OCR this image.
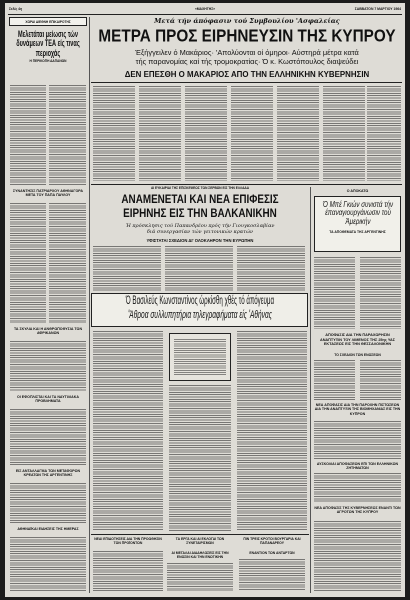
Σελίς 4η	«ΜΑΧΗΤΗΣ»	ΣΑΒΒΑΤΟΝ 7 ΜΑΡΤΙΟΥ 1964
ΧΩΡΑΙ ΔΙΕΘΝΗ ΕΠΙΚΑΙΡΟΤΗΣ
Μελετάται μείωσις τών δυνάμεων ΤΕΑ είς τινας περιοχάς
Η ΠΕΡΙΚΟΠΗ ΔΑΠΑΝΩΝ
ΣΥΝΑΝΤΗΣΙΣ ΠΑΤΡΙΑΡΧΟΥ ΑΘΗΝΑΓΟΡΑ ΜΕΤΑ ΤΟΥ ΠΑΠΑ ΠΑΥΛΟΥ
ΤΑ ΣΚΥΛΙΑ ΚΑΙ Η ΑΝΘΡΩΠΟΘΥΣΙΑ ΤΩΝ ΑΦΡΙΚΑΝΩΝ
ΟΙ ΕΦΟΠΛΙΣΤΑΙ ΚΑΙ ΤΑ ΝΑΥΤΙΛΙΑΚΑ ΠΡΟΒΛΗΜΑΤΑ
ΕΙΣ ΑΝΤΑΛΛΑΓΜΑ ΤΩΝ ΜΕΤΑΦΟΡΩΝ ΚΡΕΑΤΩΝ ΤΗΣ ΑΡΓΕΝΤΙΝΗΣ
ΑΘΗΝΑΪΚΑΙ ΕΙΔΗΣΕΙΣ ΤΗΣ ΗΜΕΡΑΣ
Μετά τήν άπόφασιν τού Συμβουλίου 'Ασφαλείας
ΜΕΤΡΑ ΠΡΟΣ ΕΙΡΗΝΕΥΣΙΝ ΤΗΣ ΚΥΠΡΟΥ
Έξήγγειλεν ό Μακάριος· 'Απολύονται οί όμηροι· Αύστηρά μέτρα κατά
τής παρανομίας καί τής τρομοκρατίας· Ό κ. Κωστόπουλος διαψεύδει
ΔΕΝ ΕΠΕΣΘΗ Ο ΜΑΚΑΡΙΟΣ ΑΠΟ ΤΗΝ ΕΛΛΗΝΙΚΗΝ ΚΥΒΕΡΝΗΣΙΝ
ΑΙ ΕΥΚΑΙΡΙΑΙ ΤΗΣ ΕΠΙΣΚΕΨΕΩΣ ΤΩΝ ΣΕΡΒΩΝ ΕΙΣ ΤΗΝ ΕΛΛΑΔΑ
ΑΝΑΜΕΝΕΤΑΙ ΚΑΙ ΝΕΑ ΕΠΙΦΕΣΙΣ
ΕΙΡΗΝΗΣ ΕΙΣ ΤΗΝ ΒΑΛΚΑΝΙΚΗΝ
Ή πρόσκλησις τού Παπανδρέου πρός τήν Γιουγκοσλαβίαν
διά συνεργασίαν τών γειτονικών κρατών
ΥΦΙΣΤΑΤΑΙ ΣΧΕΔΙΟΝ ΔΙ' ΟΛΟΚΛΗΡΟΝ ΤΗΝ ΕΥΡΩΠΗΝ
Ο ΑΠΟΚΑΤΩ
Ό Μπέ Γκιών συνιστά τήν έπαναγιουργάνωσιν τού Άμερικήν
ΤΑ ΑΠΟΘΕΜΑΤΑ ΤΗΣ ΑΡΓΕΝΤΙΝΗΣ
ΑΠΟΦΑΣΙΣ ΔΙΑ ΤΗΝ ΠΑΡΑΧΩΡΗΣΙΝ ΑΝΑΠΤΥΞΙΝ ΤΟΥ ΛΙΜΕΝΟΣ ΤΗΣ 25ης ΥΑΣ ΕΚΤΑΣΕΩΣ ΕΙΣ ΤΗΝ ΘΕΣΣΑΛΟΝΙΚΗΝ
ΤΟ ΣΧΕΔΙΟΝ ΤΩΝ ΕΝΩΣΕΩΝ
ΝΕΑ ΑΠΟΦΑΣΙΣ ΔΙΑ ΤΗΝ ΠΑΡΟΧΗΝ ΠΙΣΤΩΣΕΩΝ ΔΙΑ ΤΗΝ ΑΝΑΠΤΥΞΙΝ ΤΗΣ ΒΙΟΜΗΧΑΝΙΑΣ ΕΙΣ ΤΗΝ ΚΥΠΡΟΝ
ΔΥΣΚΟΛΙΑΙ ΑΠΟΦΑΣΕΩΝ ΕΠΙ ΤΩΝ ΕΛΛΗΝΙΚΩΝ ΖΗΤΗΜΑΤΩΝ
ΝΕΑ ΑΠΟΦΑΣΙΣ ΤΗΣ ΚΥΒΕΡΝΗΣΕΩΣ ΕΝΑΝΤΙ ΤΩΝ ΑΓΡΟΤΩΝ ΤΗΣ ΚΥΠΡΟΥ
Ό Βασιλεύς Κωνσταντίνος ώρκίσθη χθές τό άπόγευμα
'Άθροα συλλυπητήρια τηλεγραφήματα είς 'Αθήνας
ΝΕΑΙ ΕΠΙΔΟΤΗΣΕΙΣ ΔΙΑ ΤΗΝ ΠΡΟΩΘΗΣΙΝ ΤΩΝ ΠΡΟΪΟΝΤΩΝ
ΤΑ ΕΡΓΑ ΚΑΙ ΑΙ ΕΚΛΟΓΑΙ ΤΩΝ ΣΥΝΕΤΑΙΡΙΣΜΩΝ
ΠΙΝ ΤΡΕΙΣ ΚΡΟΤΟΙ ΒΟΥΡΓΑΡΙΑ ΚΑΙ ΠΑΠΑΝΔΡΕΟΥ
ΑΙ ΜΕΓΑΛΑΙ ΔΙΑΔΗΛΩΣΕΙΣ ΕΙΣ ΤΗΝ ΕΝΩΣΙΝ ΚΑΙ ΤΗΝ ΕΝΩΤΙΚΗΝ
ΕΝΑΝΤΙΟΝ ΤΩΝ ΑΝΤΑΡΤΩΝ
